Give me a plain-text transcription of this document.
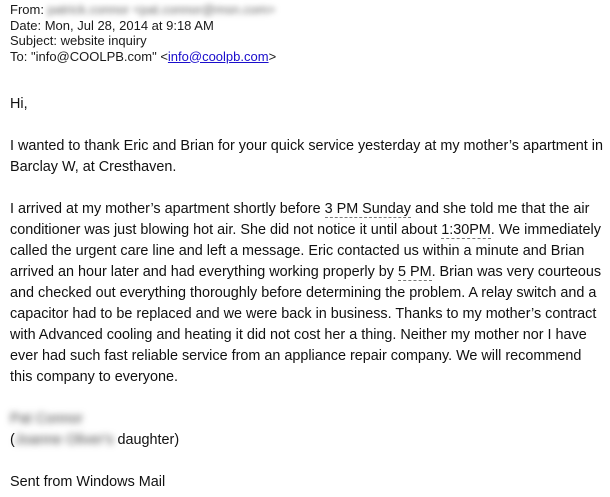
From: patrick.connor <pat.connor@msn.com>
Date: Mon, Jul 28, 2014 at 9:18 AM
Subject: website inquiry
To: "info@COOLPB.com" <info@coolpb.com>

Hi,

I wanted to thank Eric and Brian for your quick service yesterday at my mother’s apartment in Barclay W, at Cresthaven.

I arrived at my mother’s apartment shortly before 3 PM Sunday and she told me that the air conditioner was just blowing hot air. She did not notice it until about 1:30PM. We immediately called the urgent care line and left a message. Eric contacted us within a minute and Brian arrived an hour later and had everything working properly by 5 PM. Brian was very courteous and checked out everything thoroughly before determining the problem. A relay switch and a capacitor had to be replaced and we were back in business. Thanks to my mother’s contract with Advanced cooling and heating it did not cost her a thing. Neither my mother nor I have ever had such fast reliable service from an appliance repair company. We will recommend this company to everyone.

Pat Connor

(Joanne Oliver's daughter)

Sent from Windows Mail
